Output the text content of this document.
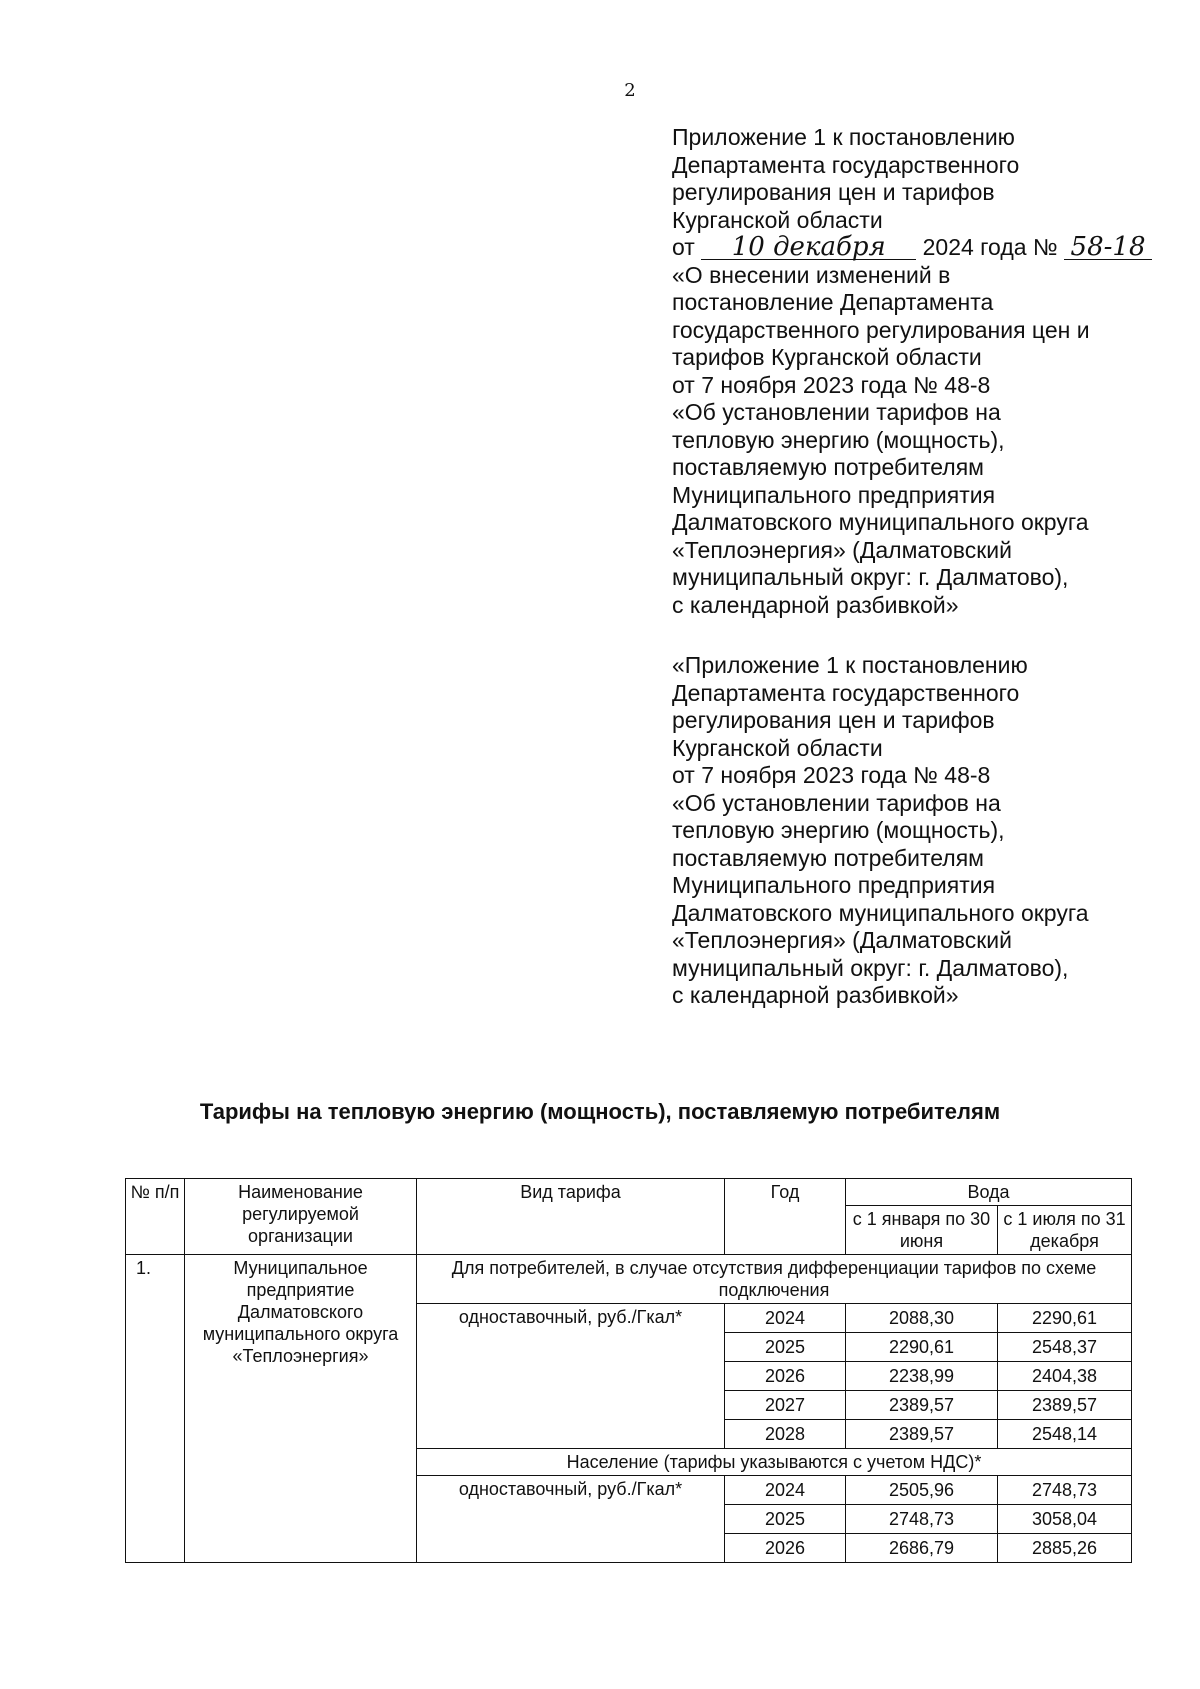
2
Приложение 1 к постановлению
Департамента государственного
регулирования цен и тарифов
Курганской области
от 10 декабря 2024 года № 58-18
«О внесении изменений в
постановление Департамента
государственного регулирования цен и
тарифов Курганской области
от 7 ноября 2023 года № 48-8
«Об установлении тарифов на
тепловую энергию (мощность),
поставляемую потребителям
Муниципального предприятия
Далматовского муниципального округа
«Теплоэнергия» (Далматовский
муниципальный округ: г. Далматово),
с календарной разбивкой»
«Приложение 1 к постановлению
Департамента государственного
регулирования цен и тарифов
Курганской области
от 7 ноября 2023 года № 48-8
«Об установлении тарифов на
тепловую энергию (мощность),
поставляемую потребителям
Муниципального предприятия
Далматовского муниципального округа
«Теплоэнергия» (Далматовский
муниципальный округ: г. Далматово),
с календарной разбивкой»
Тарифы на тепловую энергию (мощность), поставляемую потребителям
№ п/п	Наименование регулируемой организации	Вид тарифа	Год	Вода	
				с 1 января по 30 июня	с 1 июля по 31 декабря
1.	Муниципальное предприятие Далматовского муниципального округа «Теплоэнергия»	Для потребителей, в случае отсутствия дифференциации тарифов по схеме подключения			
		одноставочный, руб./Гкал*	2024	2088,30	2290,61
			2025	2290,61	2548,37
			2026	2238,99	2404,38
			2027	2389,57	2389,57
			2028	2389,57	2548,14
		Население (тарифы указываются с учетом НДС)*			
		одноставочный, руб./Гкал*	2024	2505,96	2748,73
			2025	2748,73	3058,04
			2026	2686,79	2885,26
